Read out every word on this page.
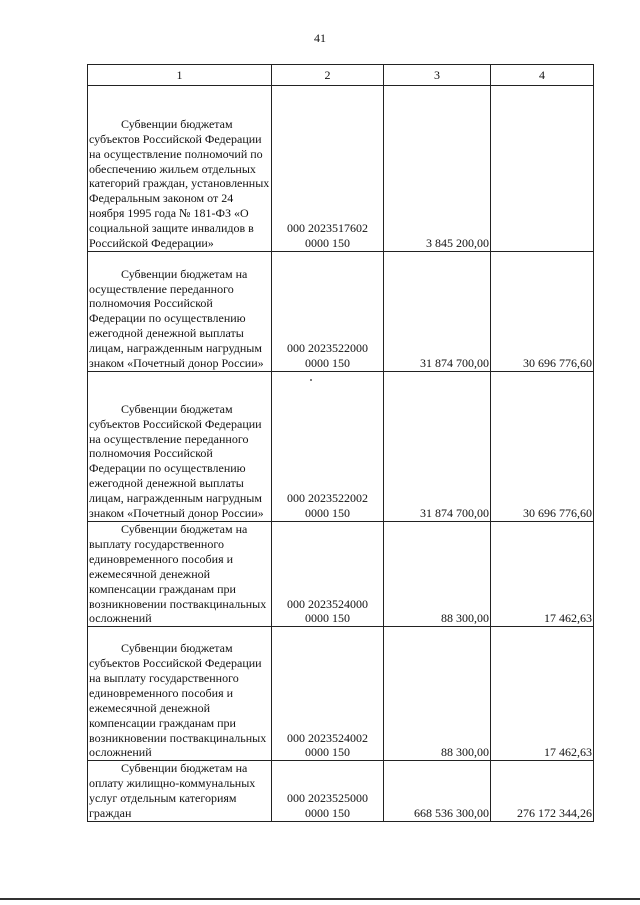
41
1	2	3	4

Субвенции бюджетам субъектов Российской Федерации на осуществление полномочий по обеспечению жильем отдельных категорий граждан, установленных Федеральным законом от 24 ноября 1995 года № 181-ФЗ «О социальной защите инвалидов в Российской Федерации»	000 2023517602
0000 150	3 845 200,00	

Субвенции бюджетам на осуществление переданного полномочия Российской Федерации по осуществлению ежегодной денежной выплаты лицам, награжденным нагрудным знаком «Почетный донор России»	000 2023522000
0000 150	31 874 700,00	30 696 776,60

Субвенции бюджетам субъектов Российской Федерации на осуществление переданного полномочия Российской Федерации по осуществлению ежегодной денежной выплаты лицам, награжденным нагрудным знаком «Почетный донор России»	000 2023522002
0000 150	31 874 700,00	30 696 776,60

Субвенции бюджетам на выплату государственного единовременного пособия и ежемесячной денежной компенсации гражданам при возникновении поствакцинальных осложнений	000 2023524000
0000 150	88 300,00	17 462,63

Субвенции бюджетам субъектов Российской Федерации на выплату государственного единовременного пособия и ежемесячной денежной компенсации гражданам при возникновении поствакцинальных осложнений	000 2023524002
0000 150	88 300,00	17 462,63

Субвенции бюджетам на оплату жилищно-коммунальных услуг отдельным категориям граждан	000 2023525000
0000 150	668 536 300,00	276 172 344,26
